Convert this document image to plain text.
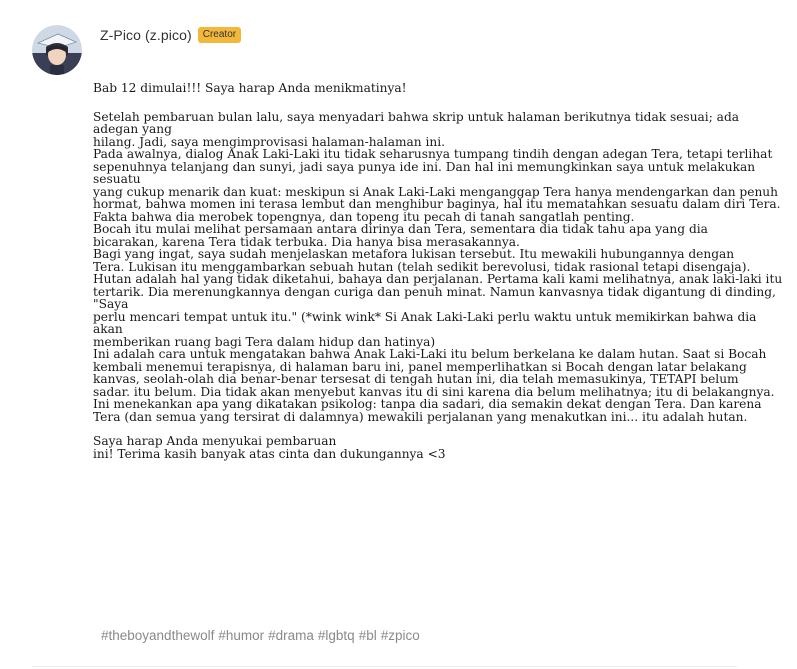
Z-Pico (z.pico)	Creator

Bab 12 dimulai!!! Saya harap Anda menikmatinya!

Setelah pembaruan bulan lalu, saya menyadari bahwa skrip untuk halaman berikutnya tidak sesuai; ada adegan yang

hilang. Jadi, saya mengimprovisasi halaman-halaman ini.

Pada awalnya, dialog Anak Laki-Laki itu tidak seharusnya tumpang tindih dengan adegan Tera, tetapi terlihat

sepenuhnya telanjang dan sunyi, jadi saya punya ide ini. Dan hal ini memungkinkan saya untuk melakukan sesuatu

yang cukup menarik dan kuat: meskipun si Anak Laki-Laki menganggap Tera hanya mendengarkan dan penuh

hormat, bahwa momen ini terasa lembut dan menghibur baginya, hal itu mematahkan sesuatu dalam diri Tera.

Fakta bahwa dia merobek topengnya, dan topeng itu pecah di tanah sangatlah penting.

Bocah itu mulai melihat persamaan antara dirinya dan Tera, sementara dia tidak tahu apa yang dia

bicarakan, karena Tera tidak terbuka. Dia hanya bisa merasakannya.

Bagi yang ingat, saya sudah menjelaskan metafora lukisan tersebut. Itu mewakili hubungannya dengan

Tera. Lukisan itu menggambarkan sebuah hutan (telah sedikit berevolusi, tidak rasional tetapi disengaja).

Hutan adalah hal yang tidak diketahui, bahaya dan perjalanan. Pertama kali kami melihatnya, anak laki-laki itu

tertarik. Dia merenungkannya dengan curiga dan penuh minat. Namun kanvasnya tidak digantung di dinding, "Saya

perlu mencari tempat untuk itu." (*wink wink* Si Anak Laki-Laki perlu waktu untuk memikirkan bahwa dia akan

memberikan ruang bagi Tera dalam hidup dan hatinya)

Ini adalah cara untuk mengatakan bahwa Anak Laki-Laki itu belum berkelana ke dalam hutan. Saat si Bocah

kembali menemui terapisnya, di halaman baru ini, panel memperlihatkan si Bocah dengan latar belakang

kanvas, seolah-olah dia benar-benar tersesat di tengah hutan ini, dia telah memasukinya, TETAPI belum

sadar. itu belum. Dia tidak akan menyebut kanvas itu di sini karena dia belum melihatnya; itu di belakangnya.

Ini menekankan apa yang dikatakan psikolog: tanpa dia sadari, dia semakin dekat dengan Tera. Dan karena

Tera (dan semua yang tersirat di dalamnya) mewakili perjalanan yang menakutkan ini... itu adalah hutan.

Saya harap Anda menyukai pembaruan

ini! Terima kasih banyak atas cinta dan dukungannya <3

#theboyandthewolf #humor #drama #lgbtq #bl #zpico
